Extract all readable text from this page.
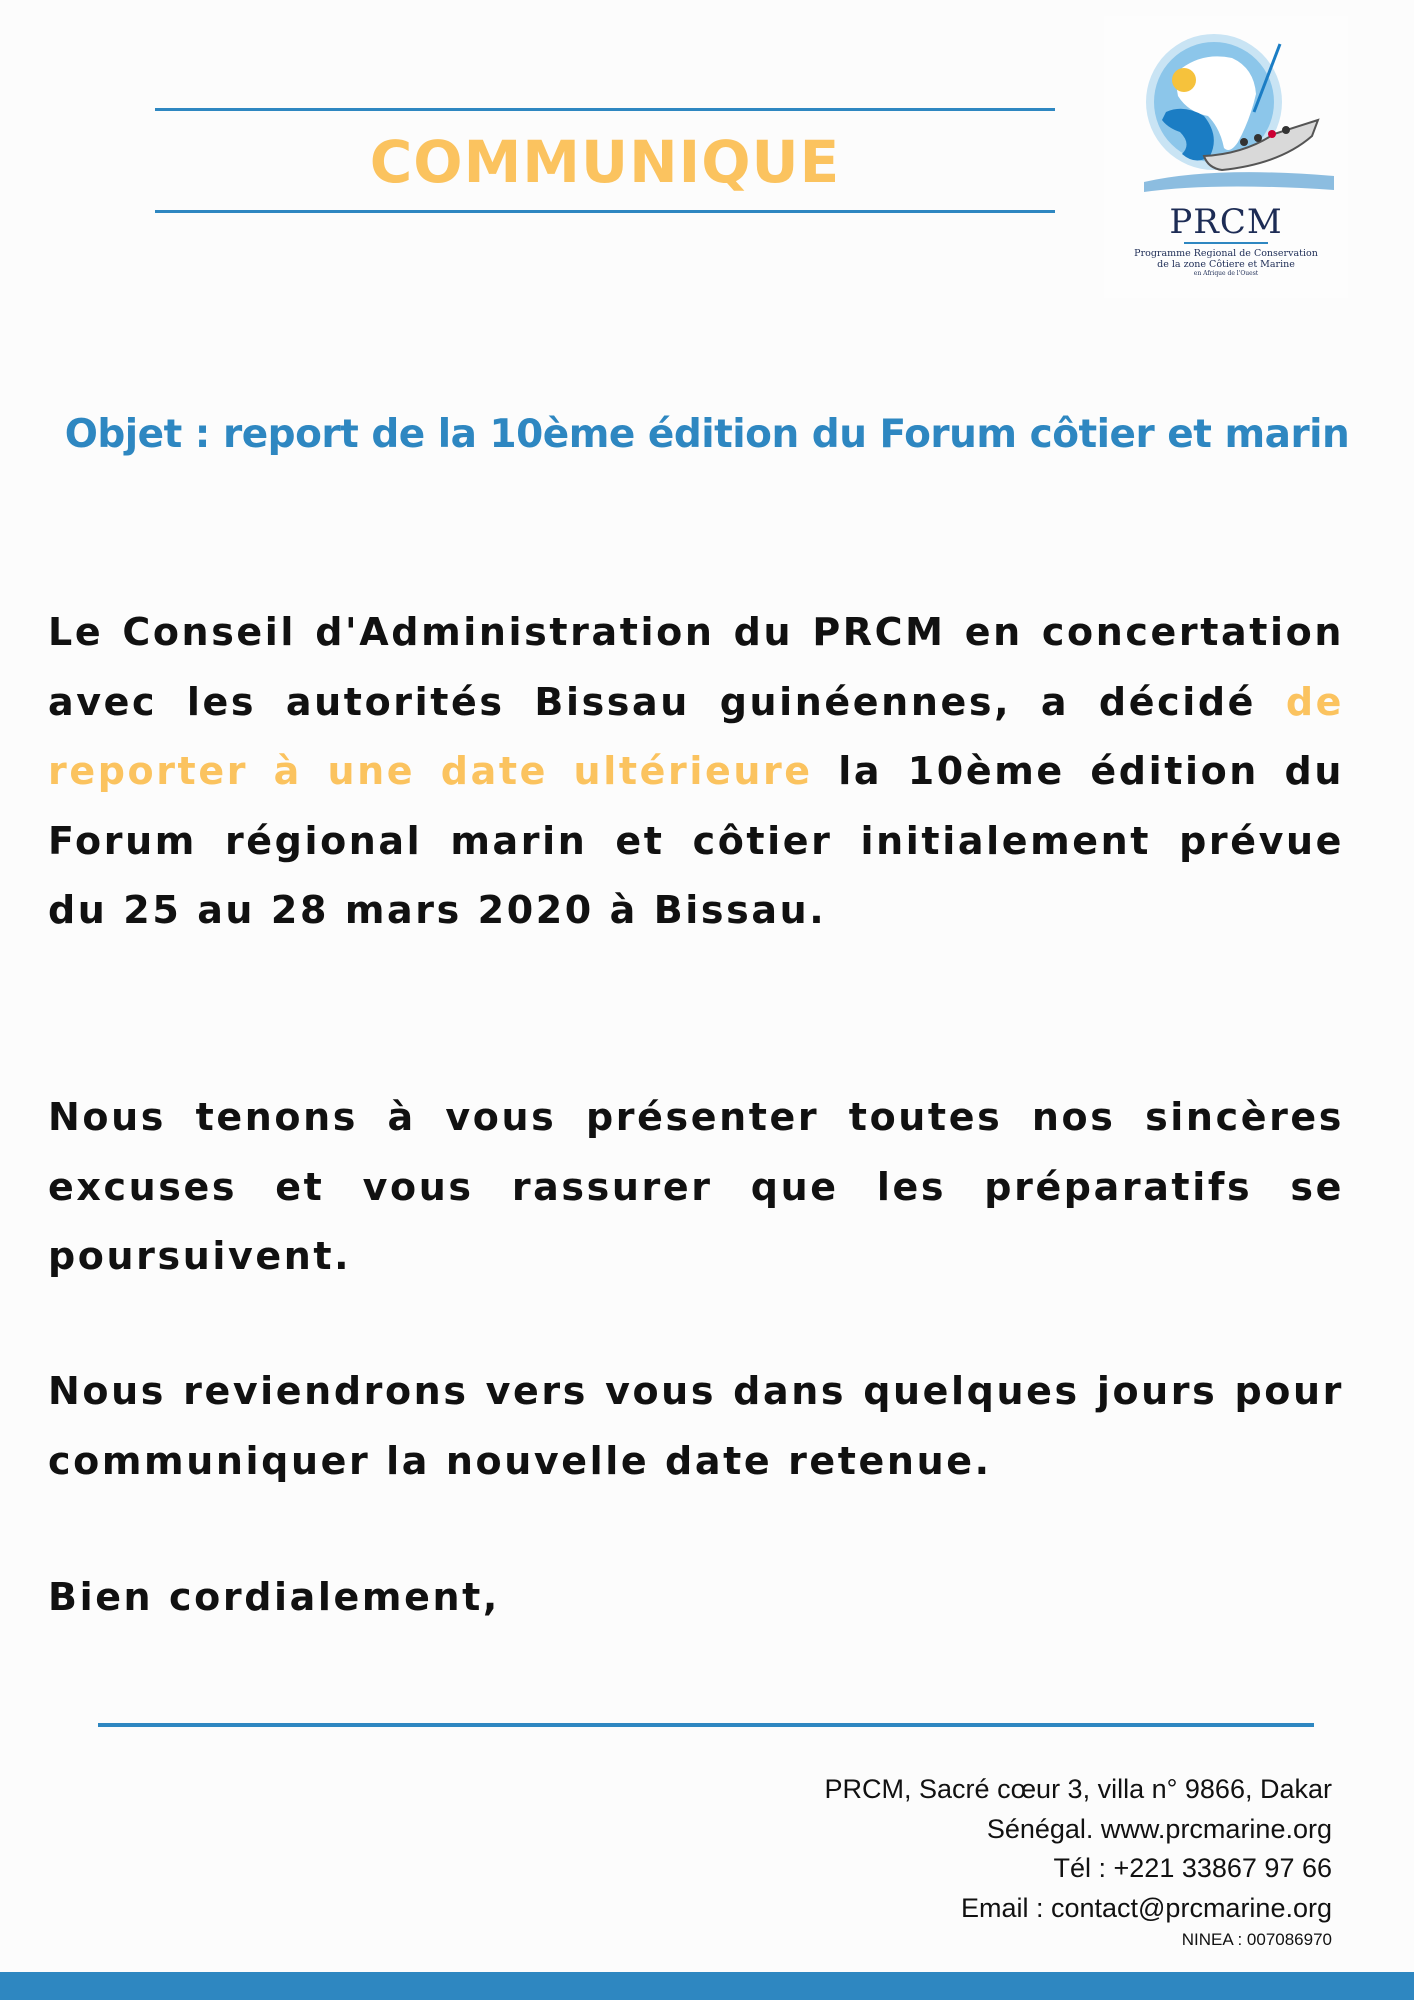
COMMUNIQUE
PRCM
Programme Regional de Conservation
de la zone Côtiere et Marine
en Afrique de l'Ouest
Objet : report de la 10ème édition du Forum côtier et marin
Le Conseil d'Administration du PRCM en concertation avec les autorités Bissau guinéennes, a décidé de reporter à une date ultérieure la 10ème édition du Forum régional marin et côtier initialement prévue du 25 au 28 mars 2020 à Bissau.
Nous tenons à vous présenter toutes nos sincères excuses et vous rassurer que les préparatifs se poursuivent.
Nous reviendrons vers vous dans quelques jours pour communiquer la nouvelle date retenue.
Bien cordialement,
PRCM, Sacré cœur 3, villa n° 9866, Dakar
Sénégal. www.prcmarine.org
Tél : +221 33867 97 66
Email : contact@prcmarine.org
NINEA : 007086970
